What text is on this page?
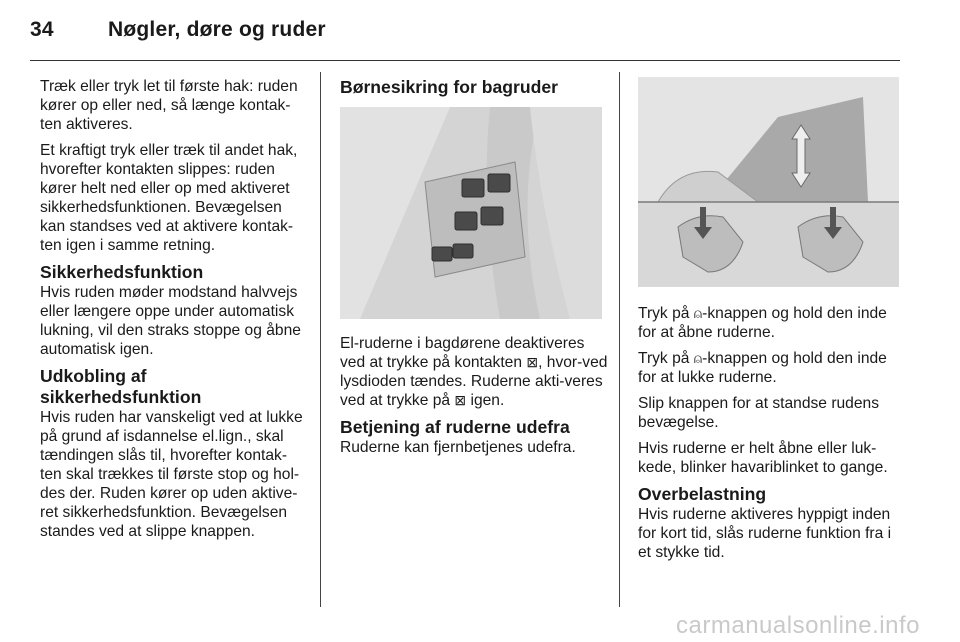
34	Nøgler, døre og ruder

Træk eller tryk let til første hak: ruden kører op eller ned, så længe kontak-ten aktiveres.

Et kraftigt tryk eller træk til andet hak, hvorefter kontakten slippes: ruden kører helt ned eller op med aktiveret sikkerhedsfunktionen. Bevægelsen kan standses ved at aktivere kontak-ten igen i samme retning.

Sikkerhedsfunktion

Hvis ruden møder modstand halvvejs eller længere oppe under automatisk lukning, vil den straks stoppe og åbne automatisk igen.

Udkobling af sikkerhedsfunktion

Hvis ruden har vanskeligt ved at lukke på grund af isdannelse el.lign., skal tændingen slås til, hvorefter kontak-ten skal trækkes til første stop og hol-des der. Ruden kører op uden aktive-ret sikkerhedsfunktion. Bevægelsen standes ved at slippe knappen.

Børnesikring for bagruder

El-ruderne i bagdørene deaktiveres ved at trykke på kontakten ⊠, hvor-ved lysdioden tændes. Ruderne akti-veres ved at trykke på ⊠ igen.

Betjening af ruderne udefra

Ruderne kan fjernbetjenes udefra.

Tryk på ⍝-knappen og hold den inde for at åbne ruderne.

Tryk på ⍝-knappen og hold den inde for at lukke ruderne.

Slip knappen for at standse rudens bevægelse.

Hvis ruderne er helt åbne eller luk-kede, blinker havariblinket to gange.

Overbelastning

Hvis ruderne aktiveres hyppigt inden for kort tid, slås ruderne funktion fra i et stykke tid.

carmanualsonline.info
